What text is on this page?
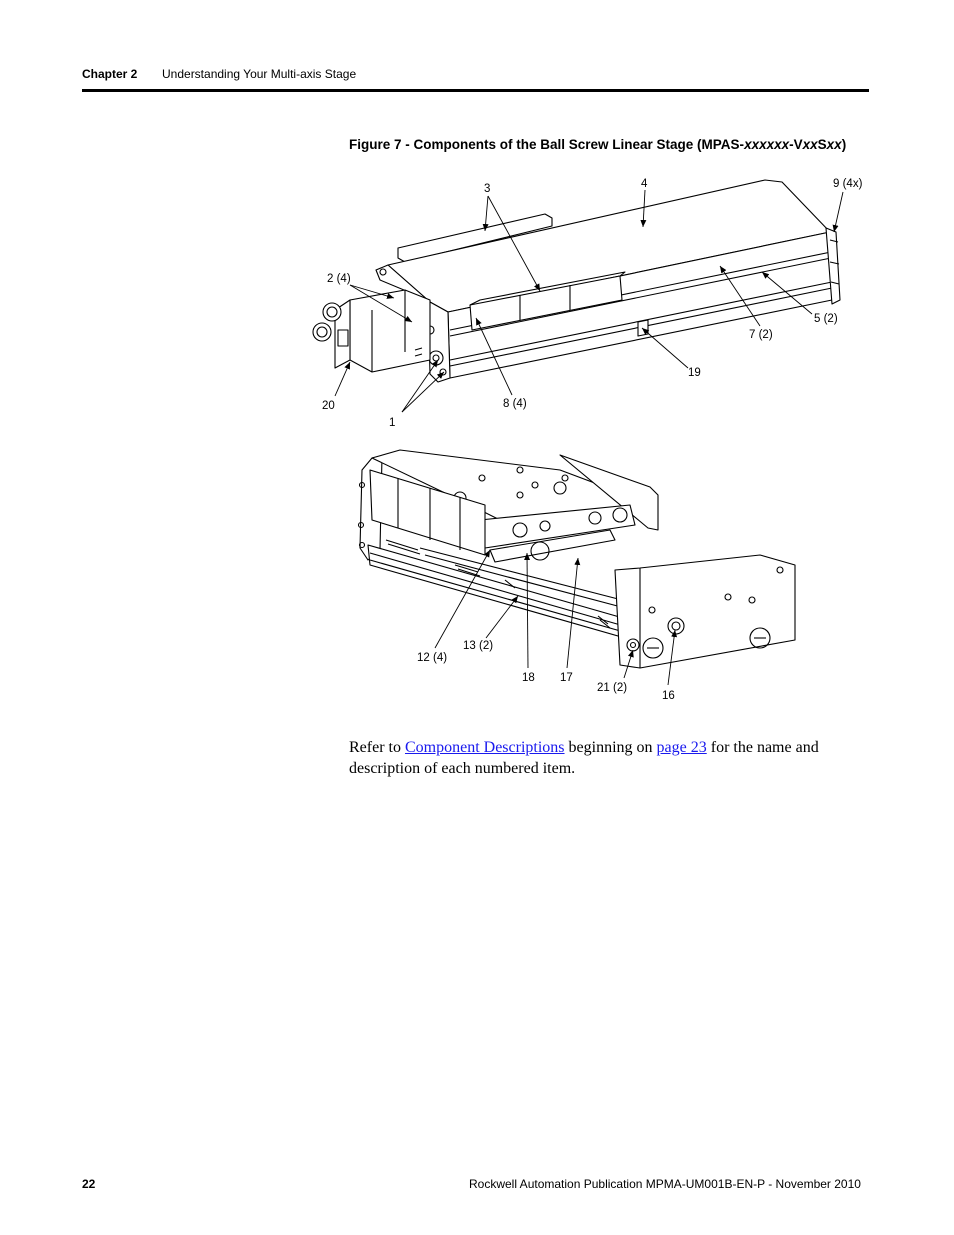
Chapter 2 Understanding Your Multi-axis Stage
Figure 7 - Components of the Ball Screw Linear Stage (MPAS-xxxxxx-VxxSxx)
3	4	9 (4x)
2 (4)
5 (2)
7 (2)
19
20	8 (4)
1
13 (2)
12 (4)
18 17
21 (2)
16
Refer to Component Descriptions beginning on page 23 for the name and description of each numbered item.
22	Rockwell Automation Publication MPMA-UM001B-EN-P - November 2010
